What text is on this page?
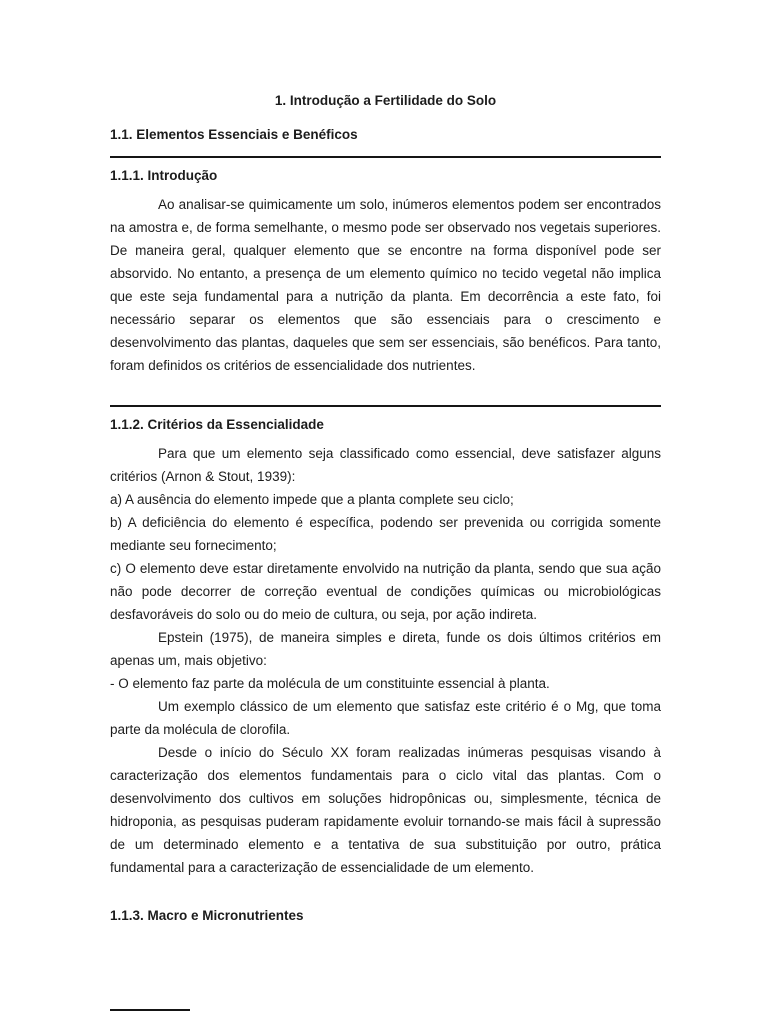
1. Introdução a Fertilidade do Solo
1.1. Elementos Essenciais e Benéficos
1.1.1. Introdução

Ao analisar-se quimicamente um solo, inúmeros elementos podem ser encontrados na amostra e, de forma semelhante, o mesmo pode ser observado nos vegetais superiores. De maneira geral, qualquer elemento que se encontre na forma disponível pode ser absorvido. No entanto, a presença de um elemento químico no tecido vegetal não implica que este seja fundamental para a nutrição da planta. Em decorrência a este fato, foi necessário separar os elementos que são essenciais para o crescimento e desenvolvimento das plantas, daqueles que sem ser essenciais, são benéficos. Para tanto, foram definidos os critérios de essencialidade dos nutrientes.

1.1.2. Critérios da Essencialidade

Para que um elemento seja classificado como essencial, deve satisfazer alguns critérios (Arnon & Stout, 1939):

a) A ausência do elemento impede que a planta complete seu ciclo;

b) A deficiência do elemento é específica, podendo ser prevenida ou corrigida somente mediante seu fornecimento;

c) O elemento deve estar diretamente envolvido na nutrição da planta, sendo que sua ação não pode decorrer de correção eventual de condições químicas ou microbiológicas desfavoráveis do solo ou do meio de cultura, ou seja, por ação indireta.

Epstein (1975), de maneira simples e direta, funde os dois últimos critérios em apenas um, mais objetivo:

- O elemento faz parte da molécula de um constituinte essencial à planta.

Um exemplo clássico de um elemento que satisfaz este critério é o Mg, que toma parte da molécula de clorofila.

Desde o início do Século XX foram realizadas inúmeras pesquisas visando à caracterização dos elementos fundamentais para o ciclo vital das plantas. Com o desenvolvimento dos cultivos em soluções hidropônicas ou, simplesmente, técnica de hidroponia, as pesquisas puderam rapidamente evoluir tornando-se mais fácil à supressão de um determinado elemento e a tentativa de sua substituição por outro, prática fundamental para a caracterização de essencialidade de um elemento.

1.1.3. Macro e Micronutrientes
